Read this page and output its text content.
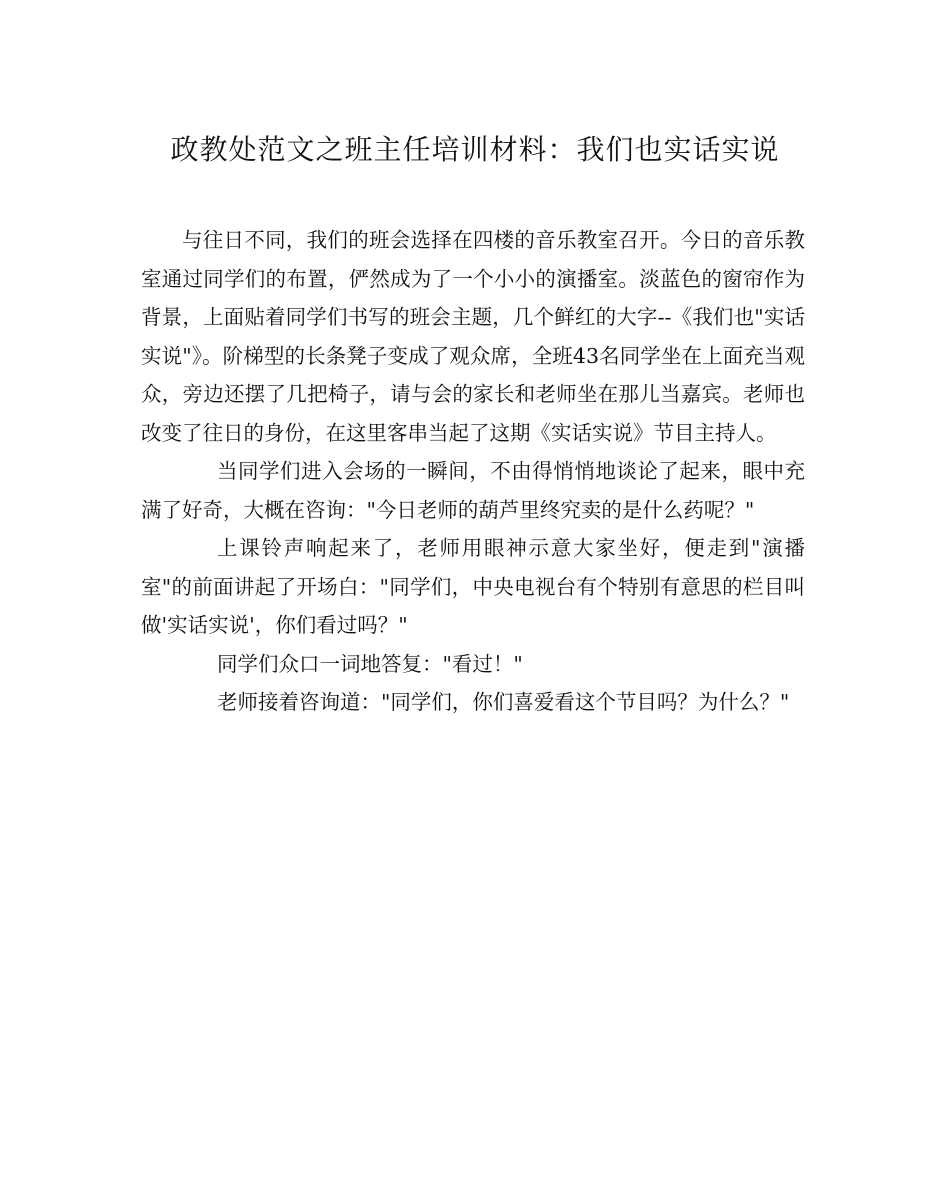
政教处范文之班主任培训材料：我们也实话实说

与往日不同，我们的班会选择在四楼的音乐教室召开。今日的音乐教室通过同学们的布置，俨然成为了一个小小的演播室。淡蓝色的窗帘作为背景，上面贴着同学们书写的班会主题，几个鲜红的大字--《我们也"实话实说"》。阶梯型的长条凳子变成了观众席，全班43名同学坐在上面充当观众，旁边还摆了几把椅子，请与会的家长和老师坐在那儿当嘉宾。老师也改变了往日的身份，在这里客串当起了这期《实话实说》节目主持人。

当同学们进入会场的一瞬间，不由得悄悄地谈论了起来，眼中充满了好奇，大概在咨询："今日老师的葫芦里终究卖的是什么药呢？"

上课铃声响起来了，老师用眼神示意大家坐好，便走到"演播室"的前面讲起了开场白："同学们，中央电视台有个特别有意思的栏目叫做'实话实说'，你们看过吗？"

同学们众口一词地答复："看过！"

老师接着咨询道："同学们，你们喜爱看这个节目吗？为什么？"
